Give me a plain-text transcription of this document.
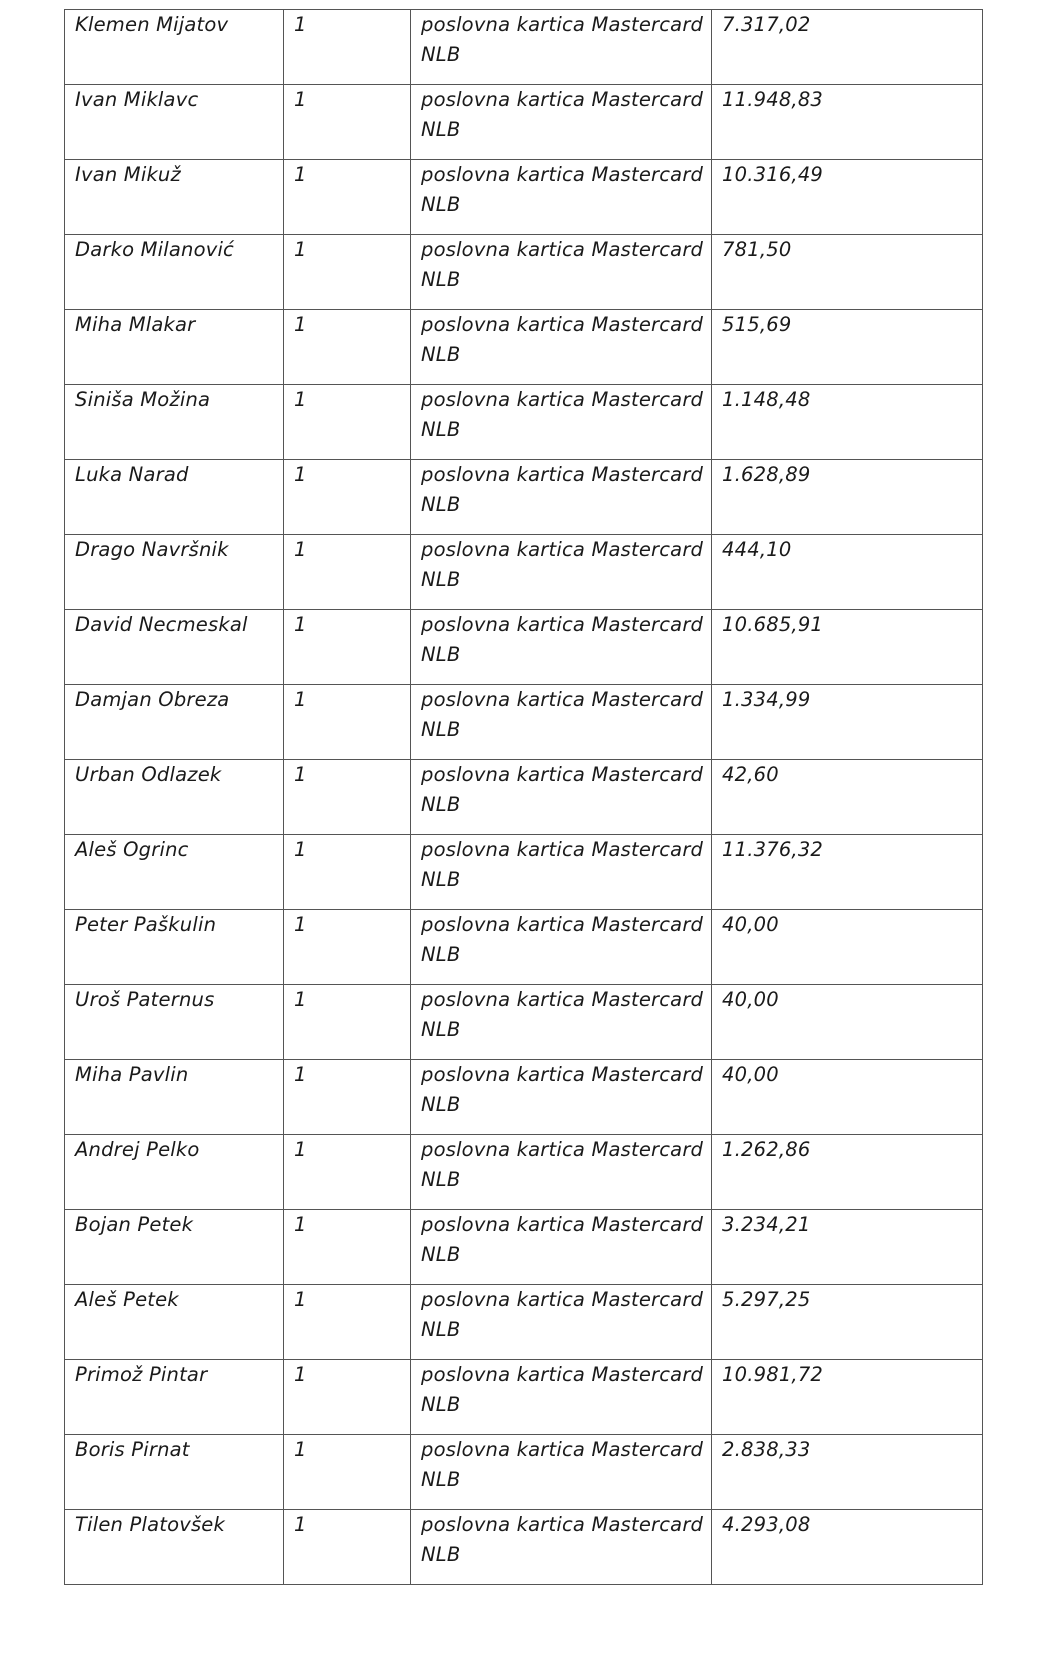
Klemen Mijatov	1	poslovna kartica Mastercard NLB	7.317,02

Ivan Miklavc	1	poslovna kartica Mastercard NLB	11.948,83

Ivan Mikuž	1	poslovna kartica Mastercard NLB	10.316,49

Darko Milanović	1	poslovna kartica Mastercard NLB	781,50

Miha Mlakar	1	poslovna kartica Mastercard NLB	515,69

Siniša Možina	1	poslovna kartica Mastercard NLB	1.148,48

Luka Narad	1	poslovna kartica Mastercard NLB	1.628,89

Drago Navršnik	1	poslovna kartica Mastercard NLB	444,10

David Necmeskal	1	poslovna kartica Mastercard NLB	10.685,91

Damjan Obreza	1	poslovna kartica Mastercard NLB	1.334,99

Urban Odlazek	1	poslovna kartica Mastercard NLB	42,60

Aleš Ogrinc	1	poslovna kartica Mastercard NLB	11.376,32

Peter Paškulin	1	poslovna kartica Mastercard NLB	40,00

Uroš Paternus	1	poslovna kartica Mastercard NLB	40,00

Miha Pavlin	1	poslovna kartica Mastercard NLB	40,00

Andrej Pelko	1	poslovna kartica Mastercard NLB	1.262,86

Bojan Petek	1	poslovna kartica Mastercard NLB	3.234,21

Aleš Petek	1	poslovna kartica Mastercard NLB	5.297,25

Primož Pintar	1	poslovna kartica Mastercard NLB	10.981,72

Boris Pirnat	1	poslovna kartica Mastercard NLB	2.838,33

Tilen Platovšek	1	poslovna kartica Mastercard NLB	4.293,08
